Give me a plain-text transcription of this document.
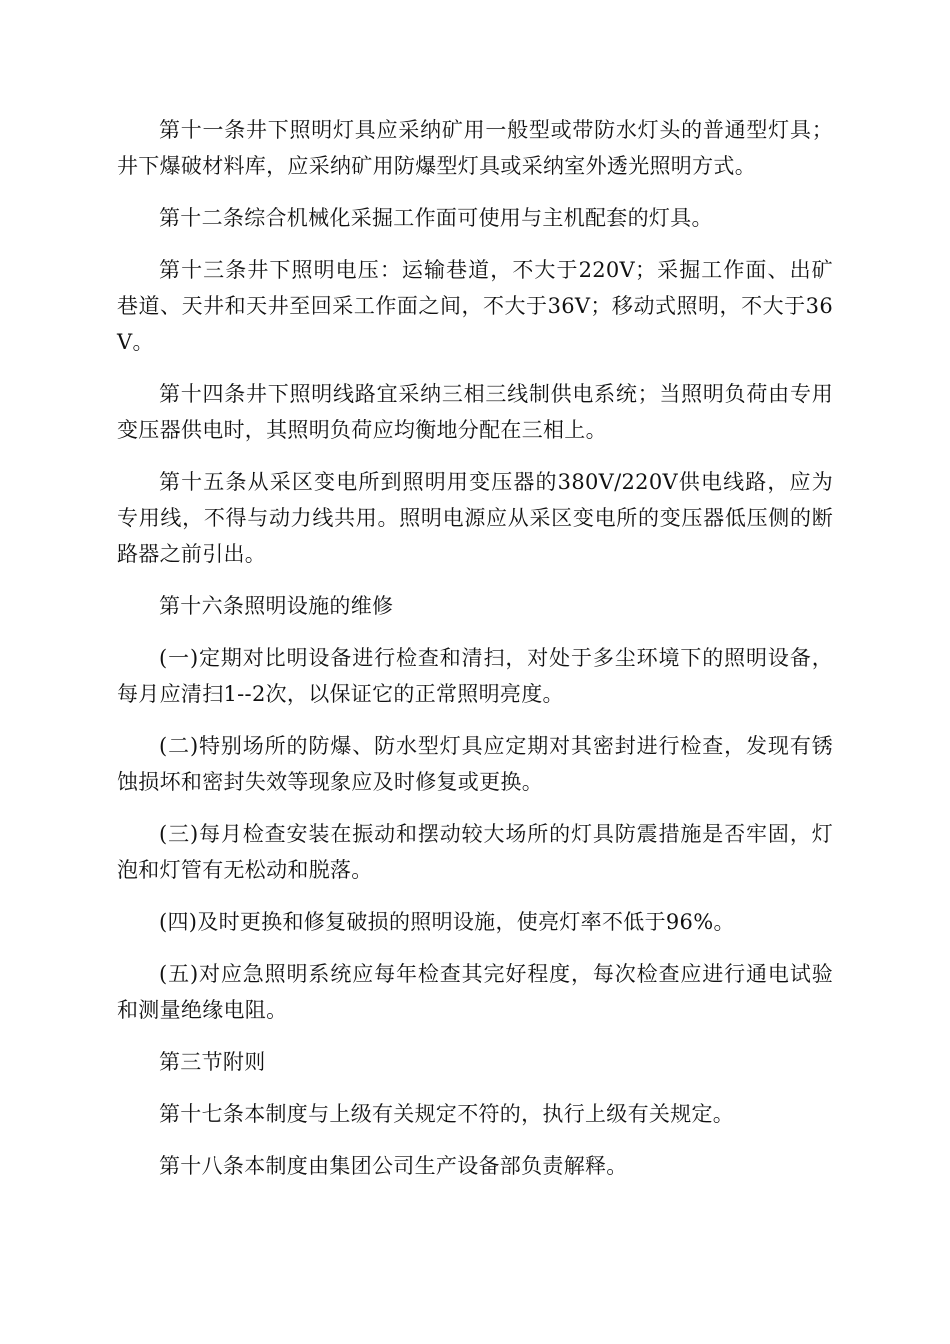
第十一条井下照明灯具应采纳矿用一般型或带防水灯头的普通型灯具；井下爆破材料库，应采纳矿用防爆型灯具或采纳室外透光照明方式。

第十二条综合机械化采掘工作面可使用与主机配套的灯具。

第十三条井下照明电压：运输巷道，不大于220V；采掘工作面、出矿巷道、天井和天井至回采工作面之间，不大于36V；移动式照明，不大于36V。

第十四条井下照明线路宜采纳三相三线制供电系统；当照明负荷由专用变压器供电时，其照明负荷应均衡地分配在三相上。

第十五条从采区变电所到照明用变压器的380V/220V供电线路，应为专用线，不得与动力线共用。照明电源应从采区变电所的变压器低压侧的断路器之前引出。

第十六条照明设施的维修

(一)定期对比明设备进行检查和清扫，对处于多尘环境下的照明设备，每月应清扫1--2次，以保证它的正常照明亮度。

(二)特别场所的防爆、防水型灯具应定期对其密封进行检查，发现有锈蚀损坏和密封失效等现象应及时修复或更换。

(三)每月检查安装在振动和摆动较大场所的灯具防震措施是否牢固，灯泡和灯管有无松动和脱落。

(四)及时更换和修复破损的照明设施，使亮灯率不低于96%。

(五)对应急照明系统应每年检查其完好程度，每次检查应进行通电试验和测量绝缘电阻。

第三节附则

第十七条本制度与上级有关规定不符的，执行上级有关规定。

第十八条本制度由集团公司生产设备部负责解释。
